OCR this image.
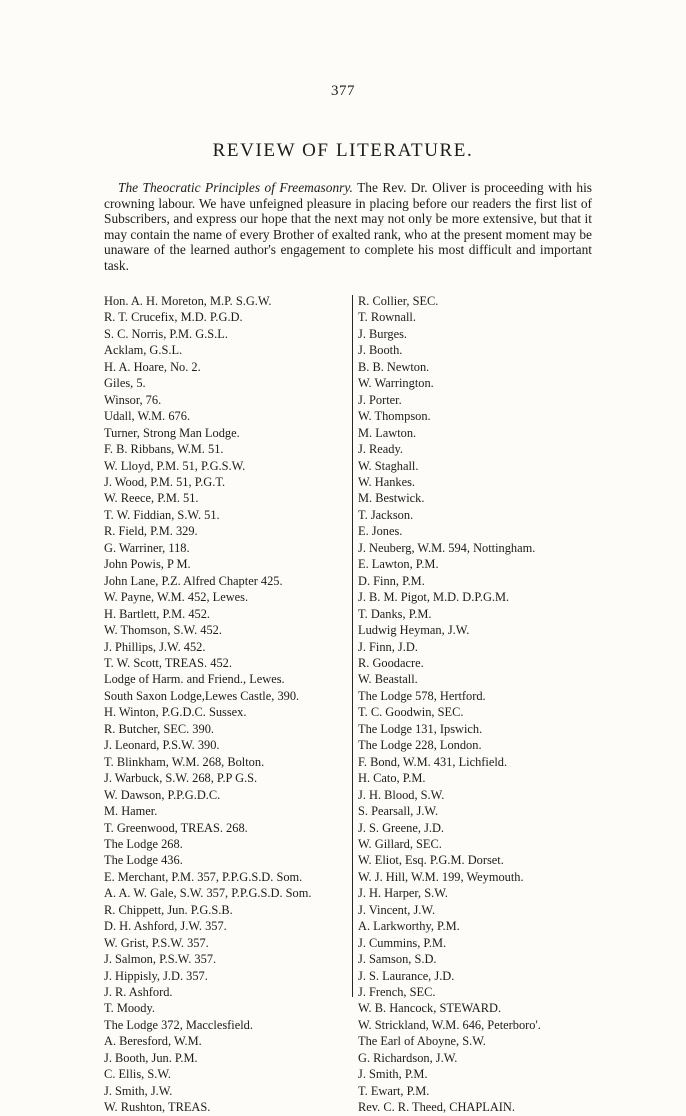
377
REVIEW OF LITERATURE.

The Theocratic Principles of Freemasonry. The Rev. Dr. Oliver is proceeding with his crowning labour. We have unfeigned pleasure in placing before our readers the first list of Subscribers, and express our hope that the next may not only be more extensive, but that it may contain the name of every Brother of exalted rank, who at the present moment may be unaware of the learned author's engagement to complete his most difficult and important task.

Hon. A. H. Moreton, M.P. S.G.W.
R. T. Crucefix, M.D. P.G.D.
S. C. Norris, P.M. G.S.L.
Acklam, G.S.L.
H. A. Hoare, No. 2.
Giles, 5.
Winsor, 76.
Udall, W.M. 676.
Turner, Strong Man Lodge.
F. B. Ribbans, W.M. 51.
W. Lloyd, P.M. 51, P.G.S.W.
J. Wood, P.M. 51, P.G.T.
W. Reece, P.M. 51.
T. W. Fiddian, S.W. 51.
R. Field, P.M. 329.
G. Warriner, 118.
John Powis, P M.
John Lane, P.Z. Alfred Chapter 425.
W. Payne, W.M. 452, Lewes.
H. Bartlett, P.M. 452.
W. Thomson, S.W. 452.
J. Phillips, J.W. 452.
T. W. Scott, TREAS. 452.
Lodge of Harm. and Friend., Lewes.
South Saxon Lodge,Lewes Castle, 390.
H. Winton, P.G.D.C. Sussex.
R. Butcher, SEC. 390.
J. Leonard, P.S.W. 390.
T. Blinkham, W.M. 268, Bolton.
J. Warbuck, S.W. 268, P.P G.S.
W. Dawson, P.P.G.D.C.
M. Hamer.
T. Greenwood, TREAS. 268.
The Lodge 268.
The Lodge 436.
E. Merchant, P.M. 357, P.P.G.S.D. Som.
A. A. W. Gale, S.W. 357, P.P.G.S.D. Som.
R. Chippett, Jun. P.G.S.B.
D. H. Ashford, J.W. 357.
W. Grist, P.S.W. 357.
J. Salmon, P.S.W. 357.
J. Hippisly, J.D. 357.
J. R. Ashford.
T. Moody.
The Lodge 372, Macclesfield.
A. Beresford, W.M.
J. Booth, Jun. P.M.
C. Ellis, S.W.
J. Smith, J.W.
W. Rushton, TREAS.
R. Collier, SEC.
T. Rownall.
J. Burges.
J. Booth.
B. B. Newton.
W. Warrington.
J. Porter.
W. Thompson.
M. Lawton.
J. Ready.
W. Staghall.
W. Hankes.
M. Bestwick.
T. Jackson.
E. Jones.
J. Neuberg, W.M. 594, Nottingham.
E. Lawton, P.M.
D. Finn, P.M.
J. B. M. Pigot, M.D. D.P.G.M.
T. Danks, P.M.
Ludwig Heyman, J.W.
J. Finn, J.D.
R. Goodacre.
W. Beastall.
The Lodge 578, Hertford.
T. C. Goodwin, SEC.
The Lodge 131, Ipswich.
The Lodge 228, London.
F. Bond, W.M. 431, Lichfield.
H. Cato, P.M.
J. H. Blood, S.W.
S. Pearsall, J.W.
J. S. Greene, J.D.
W. Gillard, SEC.
W. Eliot, Esq. P.G.M. Dorset.
W. J. Hill, W.M. 199, Weymouth.
J. H. Harper, S.W.
J. Vincent, J.W.
A. Larkworthy, P.M.
J. Cummins, P.M.
J. Samson, S.D.
J. S. Laurance, J.D.
J. French, SEC.
W. B. Hancock, STEWARD.
W. Strickland, W.M. 646, Peterboro'.
The Earl of Aboyne, S.W.
G. Richardson, J.W.
J. Smith, P.M.
T. Ewart, P.M.
Rev. C. R. Theed, CHAPLAIN.
